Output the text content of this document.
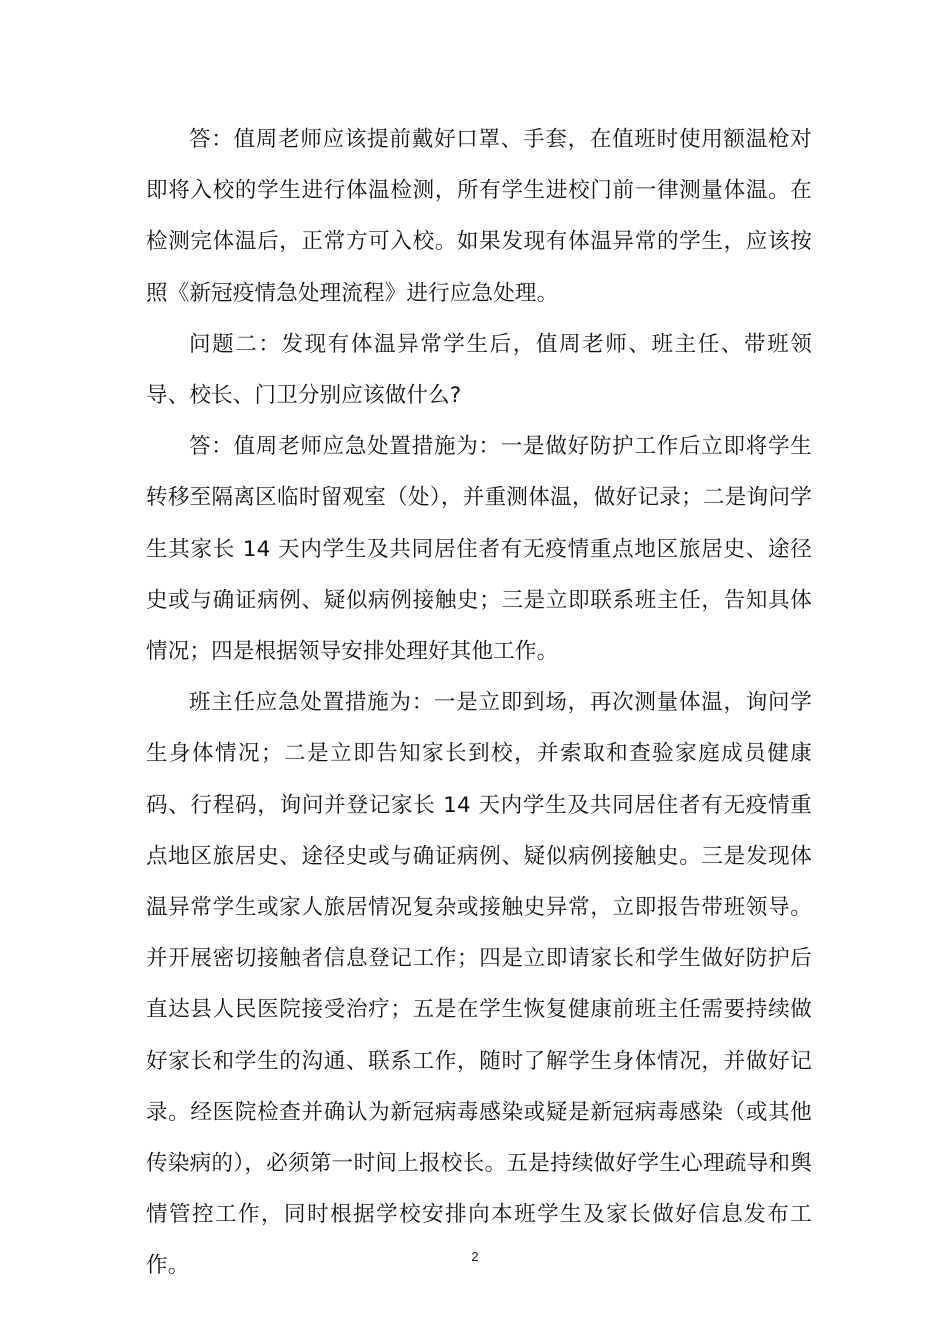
答：值周老师应该提前戴好口罩、手套，在值班时使用额温枪对即将入校的学生进行体温检测，所有学生进校门前一律测量体温。在检测完体温后，正常方可入校。如果发现有体温异常的学生，应该按照《新冠疫情急处理流程》进行应急处理。

问题二：发现有体温异常学生后，值周老师、班主任、带班领导、校长、门卫分别应该做什么?

答：值周老师应急处置措施为：一是做好防护工作后立即将学生转移至隔离区临时留观室（处），并重测体温，做好记录；二是询问学生其家长 14 天内学生及共同居住者有无疫情重点地区旅居史、途径史或与确证病例、疑似病例接触史；三是立即联系班主任，告知具体情况；四是根据领导安排处理好其他工作。

班主任应急处置措施为：一是立即到场，再次测量体温，询问学生身体情况；二是立即告知家长到校，并索取和查验家庭成员健康码、行程码，询问并登记家长 14 天内学生及共同居住者有无疫情重点地区旅居史、途径史或与确证病例、疑似病例接触史。三是发现体温异常学生或家人旅居情况复杂或接触史异常，立即报告带班领导。并开展密切接触者信息登记工作；四是立即请家长和学生做好防护后直达县人民医院接受治疗；五是在学生恢复健康前班主任需要持续做好家长和学生的沟通、联系工作，随时了解学生身体情况，并做好记录。经医院检查并确认为新冠病毒感染或疑是新冠病毒感染（或其他传染病的），必须第一时间上报校长。五是持续做好学生心理疏导和舆情管控工作，同时根据学校安排向本班学生及家长做好信息发布工作。	2
